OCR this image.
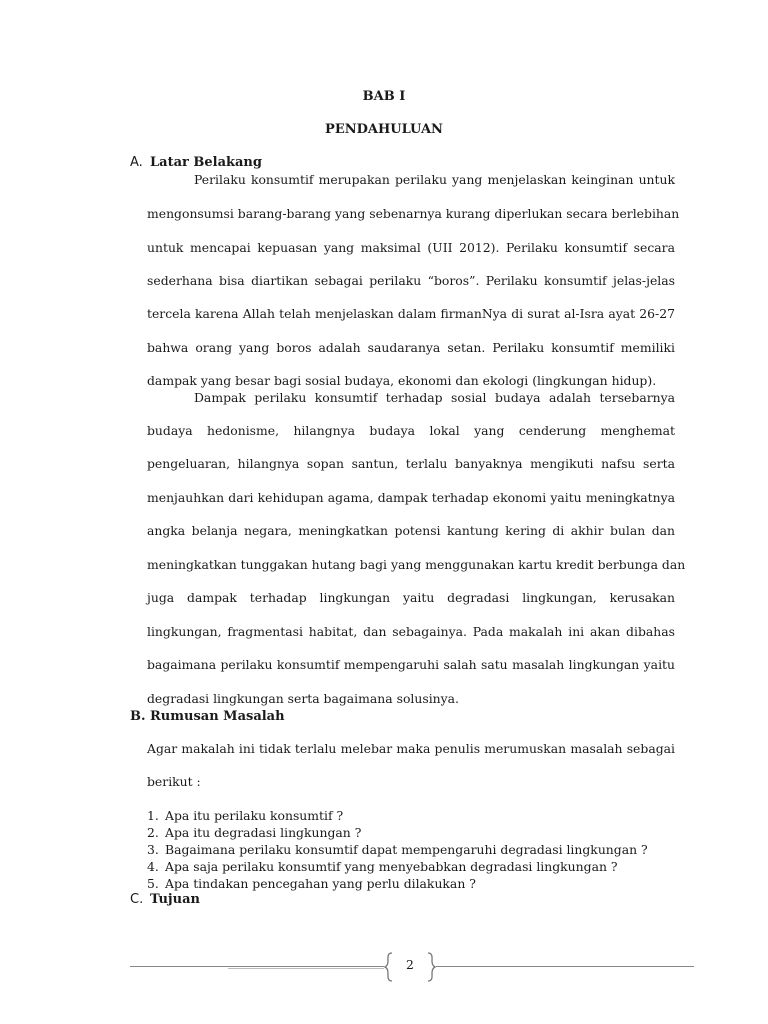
BAB I
PENDAHULUAN
A. Latar Belakang
Perilaku konsumtif merupakan perilaku yang menjelaskan keinginan untuk
mengonsumsi barang-barang yang sebenarnya kurang diperlukan secara berlebihan
untuk mencapai kepuasan yang maksimal (UII 2012). Perilaku konsumtif secara
sederhana bisa diartikan sebagai perilaku “boros”. Perilaku konsumtif jelas-jelas
tercela karena Allah telah menjelaskan dalam firmanNya di surat al-Isra ayat 26-27
bahwa orang yang boros adalah saudaranya setan. Perilaku konsumtif memiliki
dampak yang besar bagi sosial budaya, ekonomi dan ekologi (lingkungan hidup).
Dampak perilaku konsumtif terhadap sosial budaya adalah tersebarnya
budaya hedonisme, hilangnya budaya lokal yang cenderung menghemat
pengeluaran, hilangnya sopan santun, terlalu banyaknya mengikuti nafsu serta
menjauhkan dari kehidupan agama, dampak terhadap ekonomi yaitu meningkatnya
angka belanja negara, meningkatkan potensi kantung kering di akhir bulan dan
meningkatkan tunggakan hutang bagi yang menggunakan kartu kredit berbunga dan
juga dampak terhadap lingkungan yaitu degradasi lingkungan, kerusakan
lingkungan, fragmentasi habitat, dan sebagainya. Pada makalah ini akan dibahas
bagaimana perilaku konsumtif mempengaruhi salah satu masalah lingkungan yaitu
degradasi lingkungan serta bagaimana solusinya.
B. Rumusan Masalah
Agar makalah ini tidak terlalu melebar maka penulis merumuskan masalah sebagai
berikut :
1. Apa itu perilaku konsumtif ?
2. Apa itu degradasi lingkungan ?
3. Bagaimana perilaku konsumtif dapat mempengaruhi degradasi lingkungan ?
4. Apa saja perilaku konsumtif yang menyebabkan degradasi lingkungan ?
5. Apa tindakan pencegahan yang perlu dilakukan ?
C. Tujuan
2
